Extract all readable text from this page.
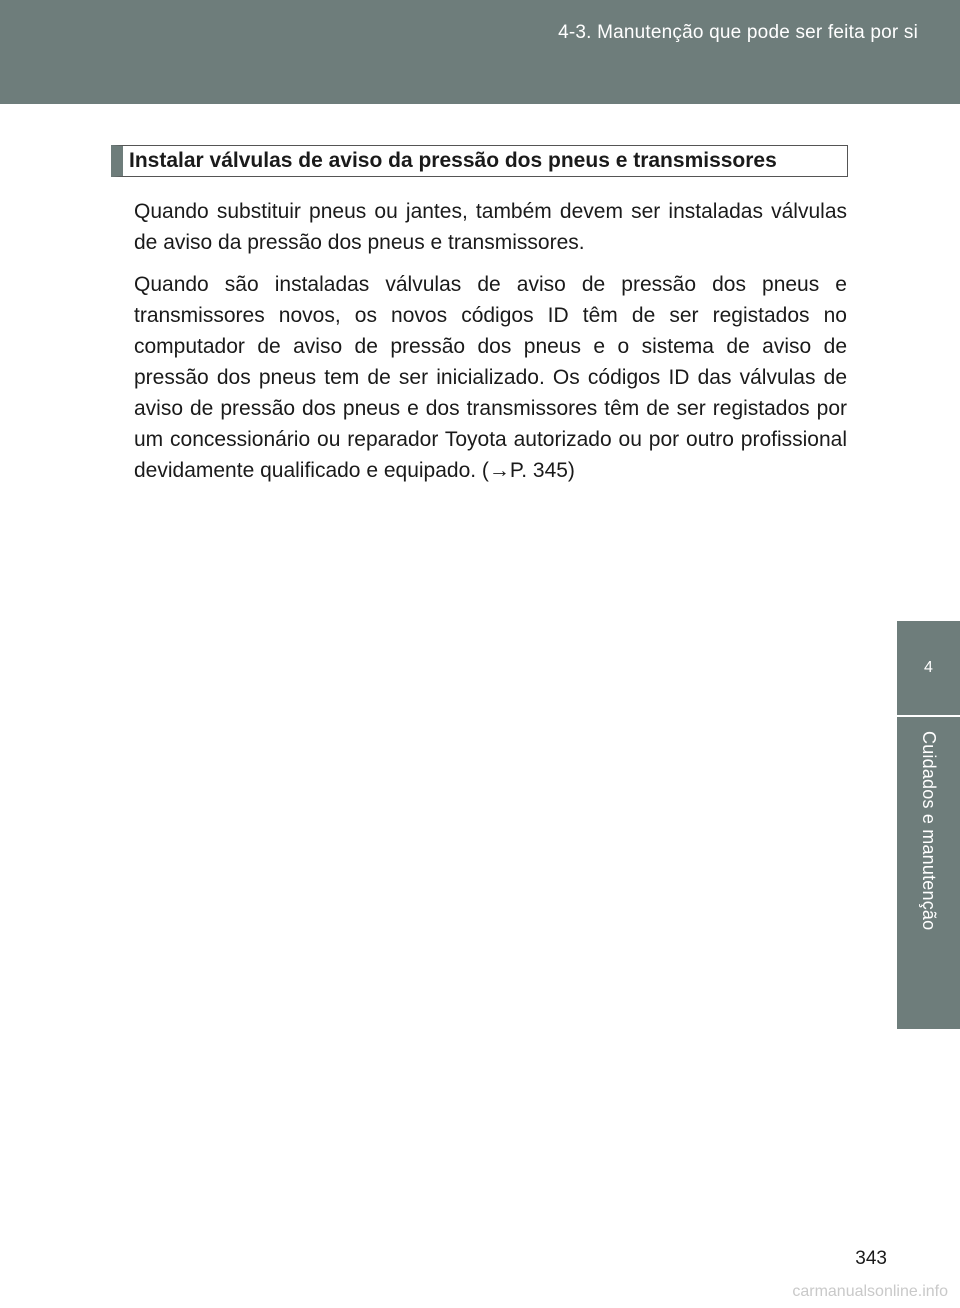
4-3. Manutenção que pode ser feita por si
4
Cuidados e manutenção
Instalar válvulas de aviso da pressão dos pneus e transmissores

Quando substituir pneus ou jantes, também devem ser instaladas válvulas de aviso da pressão dos pneus e transmissores.

Quando são instaladas válvulas de aviso de pressão dos pneus e transmissores novos, os novos códigos ID têm de ser registados no computador de aviso de pressão dos pneus e o sistema de aviso de pressão dos pneus tem de ser inicializado. Os códigos ID das válvulas de aviso de pressão dos pneus e dos transmissores têm de ser registados por um concessionário ou reparador Toyota autorizado ou por outro profissional devidamente qualificado e equipado. (→P. 345)

343
carmanualsonline.info
